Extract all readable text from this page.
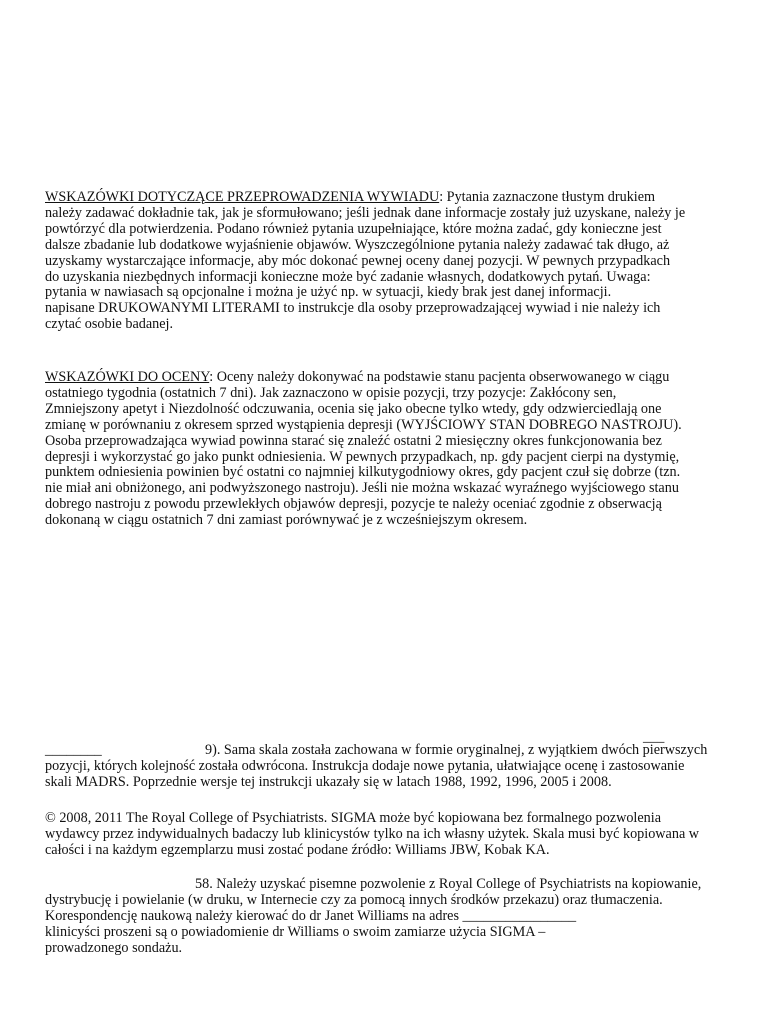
WSKAZÓWKI DOTYCZĄCE PRZEPROWADZENIA WYWIADU: Pytania zaznaczone tłustym drukiem
należy zadawać dokładnie tak, jak je sformułowano; jeśli jednak dane informacje zostały już uzyskane, należy je
powtórzyć dla potwierdzenia. Podano również pytania uzupełniające, które można zadać, gdy konieczne jest
dalsze zbadanie lub dodatkowe wyjaśnienie objawów. Wyszczególnione pytania należy zadawać tak długo, aż
uzyskamy wystarczające informacje, aby móc dokonać pewnej oceny danej pozycji. W pewnych przypadkach
do uzyskania niezbędnych informacji konieczne może być zadanie własnych, dodatkowych pytań. Uwaga:
pytania w nawiasach są opcjonalne i można je użyć np. w sytuacji, kiedy brak jest danej informacji.
napisane DRUKOWANYMI LITERAMI to instrukcje dla osoby przeprowadzającej wywiad i nie należy ich
czytać osobie badanej.
WSKAZÓWKI DO OCENY: Oceny należy dokonywać na podstawie stanu pacjenta obserwowanego w ciągu
ostatniego tygodnia (ostatnich 7 dni). Jak zaznaczono w opisie pozycji, trzy pozycje: Zakłócony sen,
Zmniejszony apetyt i Niezdolność odczuwania, ocenia się jako obecne tylko wtedy, gdy odzwierciedlają one
zmianę w porównaniu z okresem sprzed wystąpienia depresji (WYJŚCIOWY STAN DOBREGO NASTROJU).
Osoba przeprowadzająca wywiad powinna starać się znaleźć ostatni 2 miesięczny okres funkcjonowania bez
depresji i wykorzystać go jako punkt odniesienia. W pewnych przypadkach, np. gdy pacjent cierpi na dystymię,
punktem odniesienia powinien być ostatni co najmniej kilkutygodniowy okres, gdy pacjent czuł się dobrze (tzn.
nie miał ani obniżonego, ani podwyższonego nastroju). Jeśli nie można wskazać wyraźnego wyjściowego stanu
dobrego nastroju z powodu przewlekłych objawów depresji, pozycje te należy oceniać zgodnie z obserwacją
dokonaną w ciągu ostatnich 7 dni zamiast porównywać je z wcześniejszym okresem.
___
________	9). Sama skala została zachowana w formie oryginalnej, z wyjątkiem dwóch pierwszych
pozycji, których kolejność została odwrócona. Instrukcja dodaje nowe pytania, ułatwiające ocenę i zastosowanie
skali MADRS. Poprzednie wersje tej instrukcji ukazały się w latach 1988, 1992, 1996, 2005 i 2008.
© 2008, 2011 The Royal College of Psychiatrists. SIGMA może być kopiowana bez formalnego pozwolenia
wydawcy przez indywidualnych badaczy lub klinicystów tylko na ich własny użytek. Skala musi być kopiowana w
całości i na każdym egzemplarzu musi zostać podane źródło: Williams JBW, Kobak KA.
58. Należy uzyskać pisemne pozwolenie z Royal College of Psychiatrists na kopiowanie,
dystrybucję i powielanie (w druku, w Internecie czy za pomocą innych środków przekazu) oraz tłumaczenia.
Korespondencję naukową należy kierować do dr Janet Williams na adres ________________
klinicyści proszeni są o powiadomienie dr Williams o swoim zamiarze użycia SIGMA –
prowadzonego sondażu.
